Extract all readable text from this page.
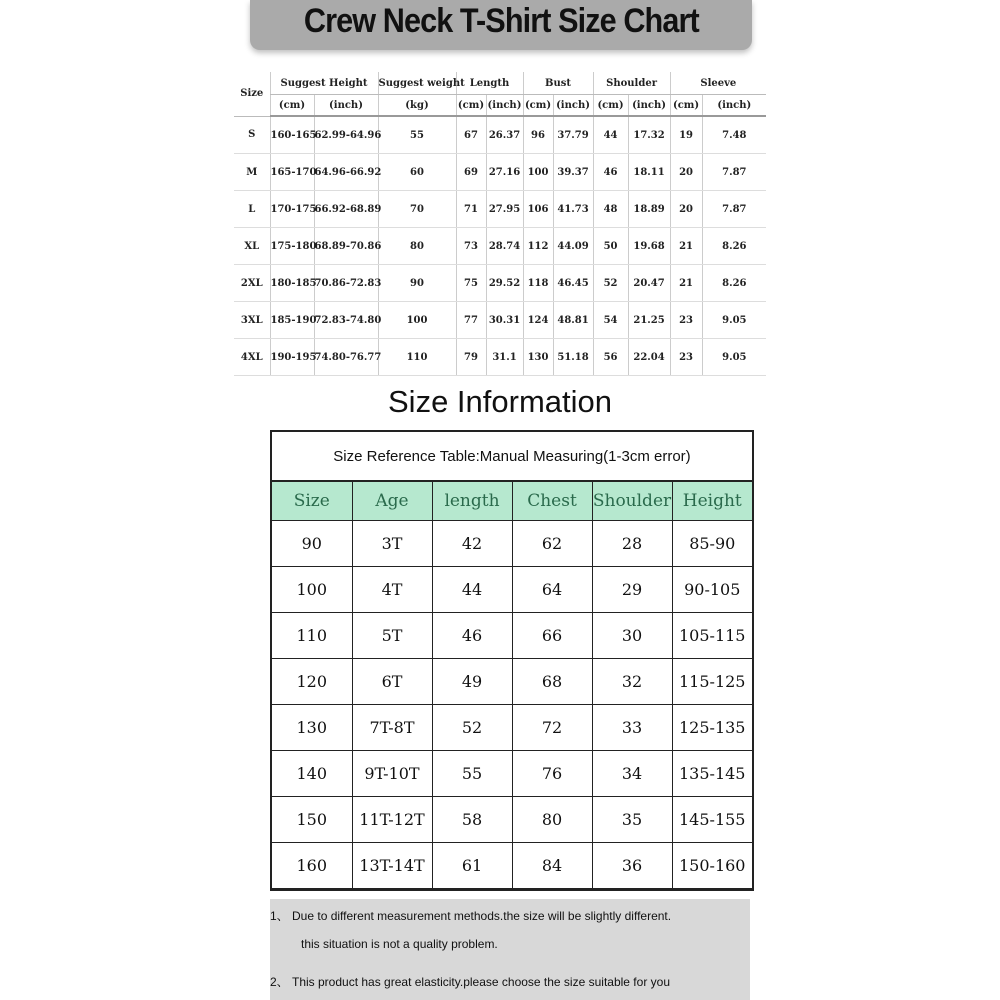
Crew Neck T-Shirt Size Chart
Size	Suggest Height		Suggest weight	Length		Bust		Shoulder		Sleeve	
	(cm)	(inch)	(kg)	(cm)	(inch)	(cm)	(inch)	(cm)	(inch)	(cm)	(inch)
S	160-165	62.99-64.96	55	67	26.37	96	37.79	44	17.32	19	7.48
M	165-170	64.96-66.92	60	69	27.16	100	39.37	46	18.11	20	7.87
L	170-175	66.92-68.89	70	71	27.95	106	41.73	48	18.89	20	7.87
XL	175-180	68.89-70.86	80	73	28.74	112	44.09	50	19.68	21	8.26
2XL	180-185	70.86-72.83	90	75	29.52	118	46.45	52	20.47	21	8.26
3XL	185-190	72.83-74.80	100	77	30.31	124	48.81	54	21.25	23	9.05
4XL	190-195	74.80-76.77	110	79	31.1	130	51.18	56	22.04	23	9.05
Size Information
Size Reference Table:Manual Measuring(1-3cm error)
Size	Age	length	Chest	Shoulder	Height
90	3T	42	62	28	85-90
100	4T	44	64	29	90-105
110	5T	46	66	30	105-115
120	6T	49	68	32	115-125
130	7T-8T	52	72	33	125-135
140	9T-10T	55	76	34	135-145
150	11T-12T	58	80	35	145-155
160	13T-14T	61	84	36	150-160
1、 Due to different measurement methods.the size will be slightly different.
this situation is not a quality problem.
2、 This product has great elasticity.please choose the size suitable for you
